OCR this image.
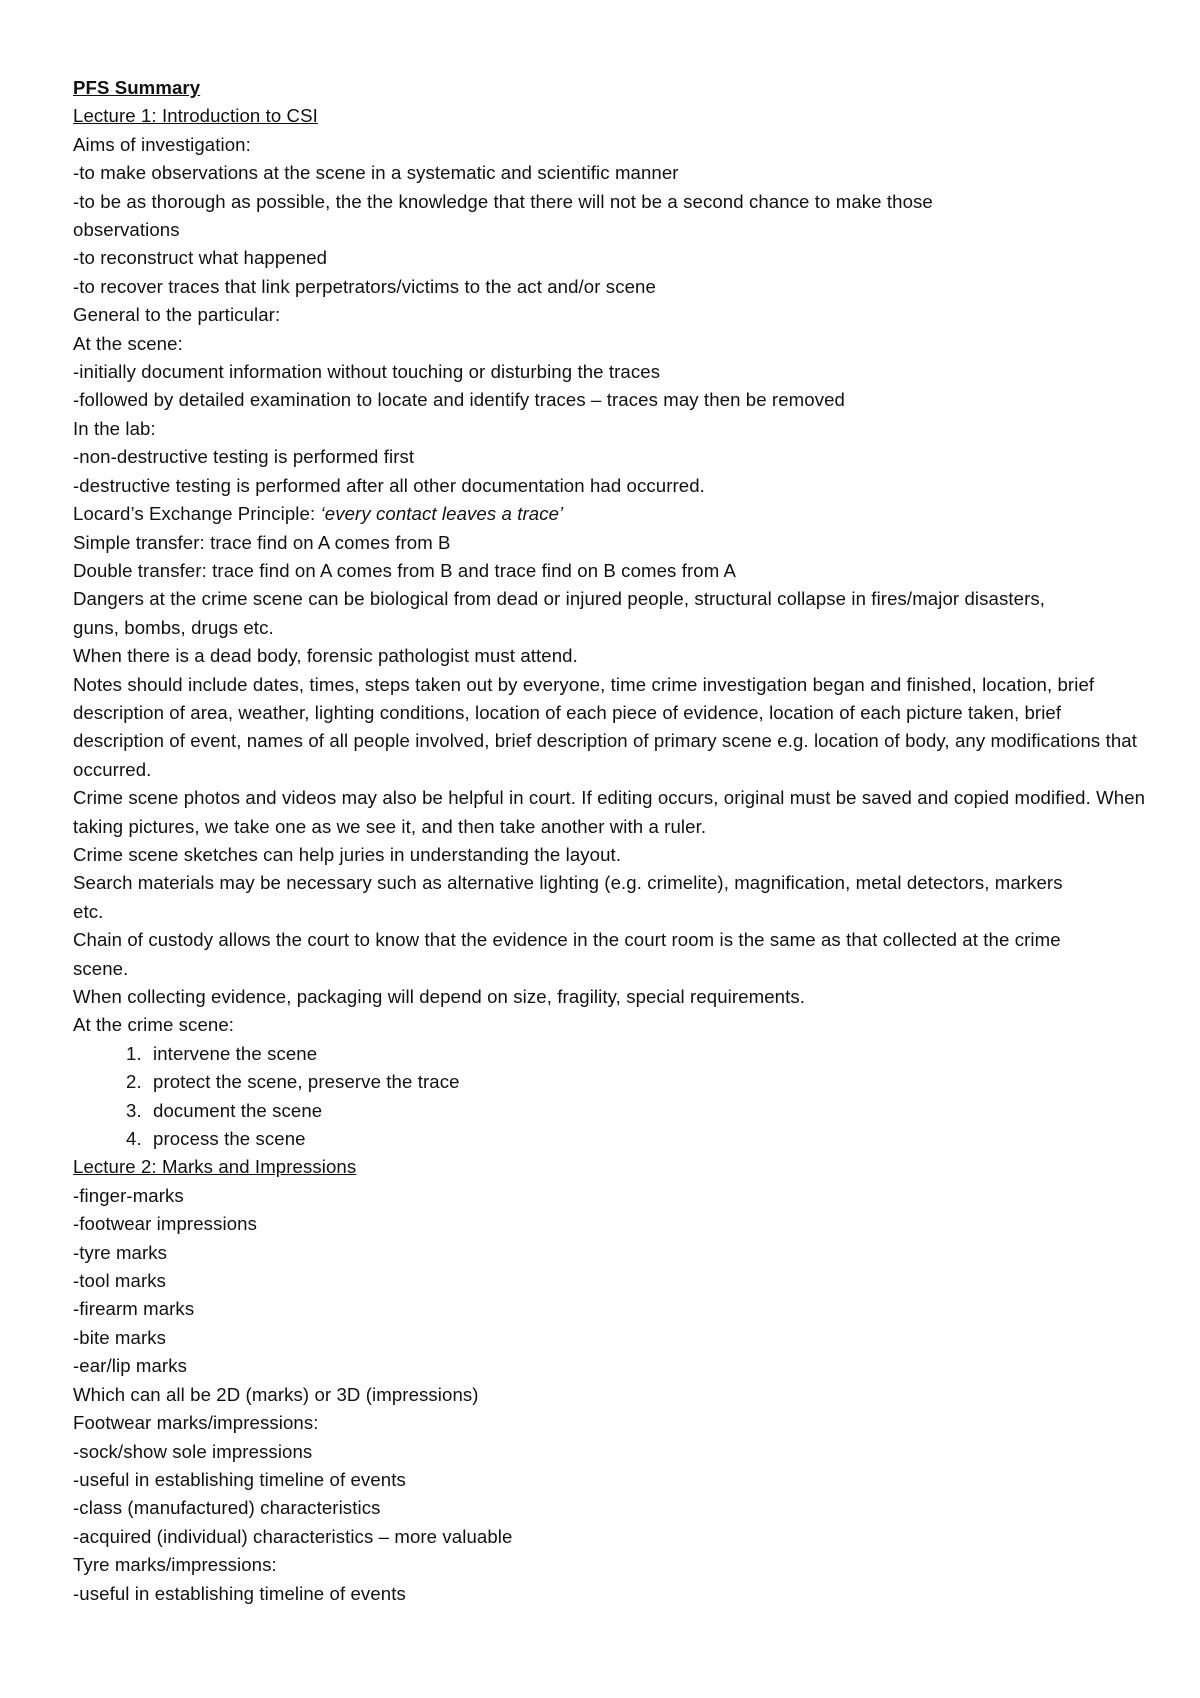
PFS Summary
Lecture 1: Introduction to CSI
Aims of investigation:
-to make observations at the scene in a systematic and scientific manner
-to be as thorough as possible, the the knowledge that there will not be a second chance to make those observations
-to reconstruct what happened
-to recover traces that link perpetrators/victims to the act and/or scene
General to the particular:
At the scene:
-initially document information without touching or disturbing the traces
-followed by detailed examination to locate and identify traces – traces may then be removed
In the lab:
-non-destructive testing is performed first
-destructive testing is performed after all other documentation had occurred.
Locard’s Exchange Principle: ‘every contact leaves a trace’
Simple transfer: trace find on A comes from B
Double transfer: trace find on A comes from B and trace find on B comes from A
Dangers at the crime scene can be biological from dead or injured people, structural collapse in fires/major disasters, guns, bombs, drugs etc.
When there is a dead body, forensic pathologist must attend.
Notes should include dates, times, steps taken out by everyone, time crime investigation began and finished, location, brief description of area, weather, lighting conditions, location of each piece of evidence, location of each picture taken, brief description of event, names of all people involved, brief description of primary scene e.g. location of body, any modifications that occurred.
Crime scene photos and videos may also be helpful in court. If editing occurs, original must be saved and copied modified. When taking pictures, we take one as we see it, and then take another with a ruler.
Crime scene sketches can help juries in understanding the layout.
Search materials may be necessary such as alternative lighting (e.g. crimelite), magnification, metal detectors, markers etc.
Chain of custody allows the court to know that the evidence in the court room is the same as that collected at the crime scene.
When collecting evidence, packaging will depend on size, fragility, special requirements.
At the crime scene:
1. intervene the scene
2. protect the scene, preserve the trace
3. document the scene
4. process the scene
Lecture 2: Marks and Impressions
-finger-marks
-footwear impressions
-tyre marks
-tool marks
-firearm marks
-bite marks
-ear/lip marks
Which can all be 2D (marks) or 3D (impressions)
Footwear marks/impressions:
-sock/show sole impressions
-useful in establishing timeline of events
-class (manufactured) characteristics
-acquired (individual) characteristics – more valuable
Tyre marks/impressions:
-useful in establishing timeline of events
